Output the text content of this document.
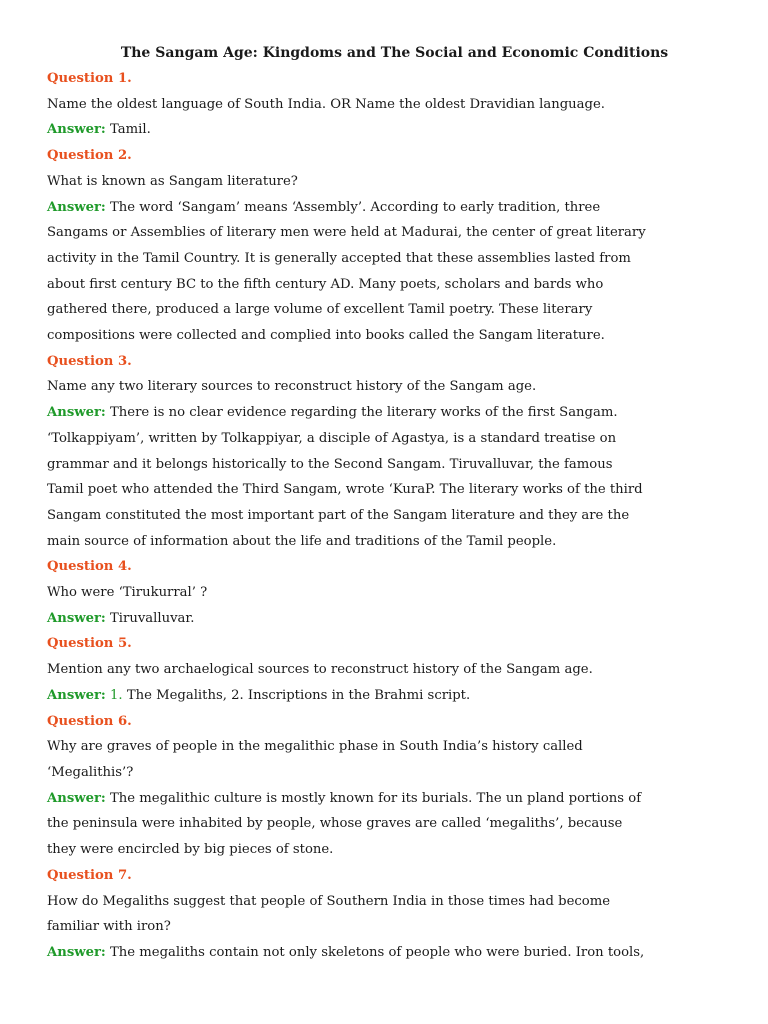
The Sangam Age: Kingdoms and The Social and Economic Conditions
Question 1.
Name the oldest language of South India. OR Name the oldest Dravidian language.
Answer: Tamil.
Question 2.
What is known as Sangam literature?
Answer: The word ‘Sangam’ means ‘Assembly’. According to early tradition, three
Sangams or Assemblies of literary men were held at Madurai, the center of great literary
activity in the Tamil Country. It is generally accepted that these assemblies lasted from
about first century BC to the fifth century AD. Many poets, scholars and bards who
gathered there, produced a large volume of excellent Tamil poetry. These literary
compositions were collected and complied into books called the Sangam literature.
Question 3.
Name any two literary sources to reconstruct history of the Sangam age.
Answer: There is no clear evidence regarding the literary works of the first Sangam.
‘Tolkappiyam’, written by Tolkappiyar, a disciple of Agastya, is a standard treatise on
grammar and it belongs historically to the Second Sangam. Tiruvalluvar, the famous
Tamil poet who attended the Third Sangam, wrote ‘KuraP. The literary works of the third
Sangam constituted the most important part of the Sangam literature and they are the
main source of information about the life and traditions of the Tamil people.
Question 4.
Who were ‘Tirukurral’ ?
Answer: Tiruvalluvar.
Question 5.
Mention any two archaelogical sources to reconstruct history of the Sangam age.
Answer: 1. The Megaliths, 2. Inscriptions in the Brahmi script.
Question 6.
Why are graves of people in the megalithic phase in South India’s history called
‘Megalithis’?
Answer: The megalithic culture is mostly known for its burials. The un pland portions of
the peninsula were inhabited by people, whose graves are called ‘megaliths’, because
they were encircled by big pieces of stone.
Question 7.
How do Megaliths suggest that people of Southern India in those times had become
familiar with iron?
Answer: The megaliths contain not only skeletons of people who were buried. Iron tools,
